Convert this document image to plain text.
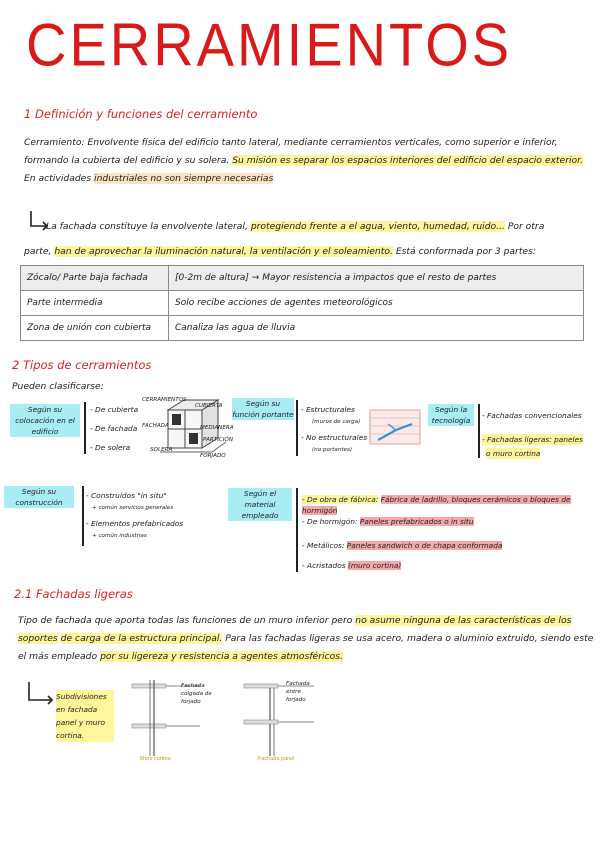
CERRAMIENTOS
1 Definición y funciones del cerramiento
Cerramiento: Envolvente física del edificio tanto lateral, mediante cerramientos verticales, como superior e inferior, formando la cubierta del edificio y su solera. Su misión es separar los espacios interiores del edificio del espacio exterior. En actividades industriales no son siempre necesarias
La fachada constituye la envolvente lateral, protegiendo frente a el agua, viento, humedad, ruido... Por otra
parte, han de aprovechar la iluminación natural, la ventilación y el soleamiento. Está conformada por 3 partes:
Zócalo/ Parte baja fachada	[0-2m de altura] → Mayor resistencia a impactos que el resto de partes
Parte intermedia	Solo recibe acciones de agentes meteorológicos
Zona de unión con cubierta	Canaliza las agua de lluvia
2 Tipos de cerramientos
Pueden clasificarse:
Según su colocación en el edificio
- De cubierta
- De fachada
- De solera
CERRAMIENTOS
CUBIERTA
FACHADA
SOLERA
MEDIANERA
PARTICIÓN
FORJADO
Según su función portante
- Estructurales
(muros de carga)
- No estructurales
(no portantes)
Según la tecnología
- Fachadas convencionales
- Fachadas ligeras: paneles
o muro cortina
Según su construcción
- Construidos "in situ"
+ común servicios generales
- Elementos prefabricados
+ común industrias
Según el material empleado
- De obra de fábrica: Fábrica de ladrillo, bloques cerámicos o bloques de hormigón
- De hormigón: Paneles prefabricados o in situ
- Metálicos: Paneles sandwich o de chapa conformada
- Acristados (muro cortina)
2.1 Fachadas ligeras
Tipo de fachada que aporta todas las funciones de un muro inferior pero no asume ninguna de las características de los soportes de carga de la estructura principal. Para las fachadas ligeras se usa acero, madera o aluminio extruido, siendo este el más empleado por su ligereza y resistencia a agentes atmosféricos.
Subdivisiones en fachada panel y muro cortina.
Fachada colgada de forjado
Muro cortina
Fachada entre forjado
Fachada panel
